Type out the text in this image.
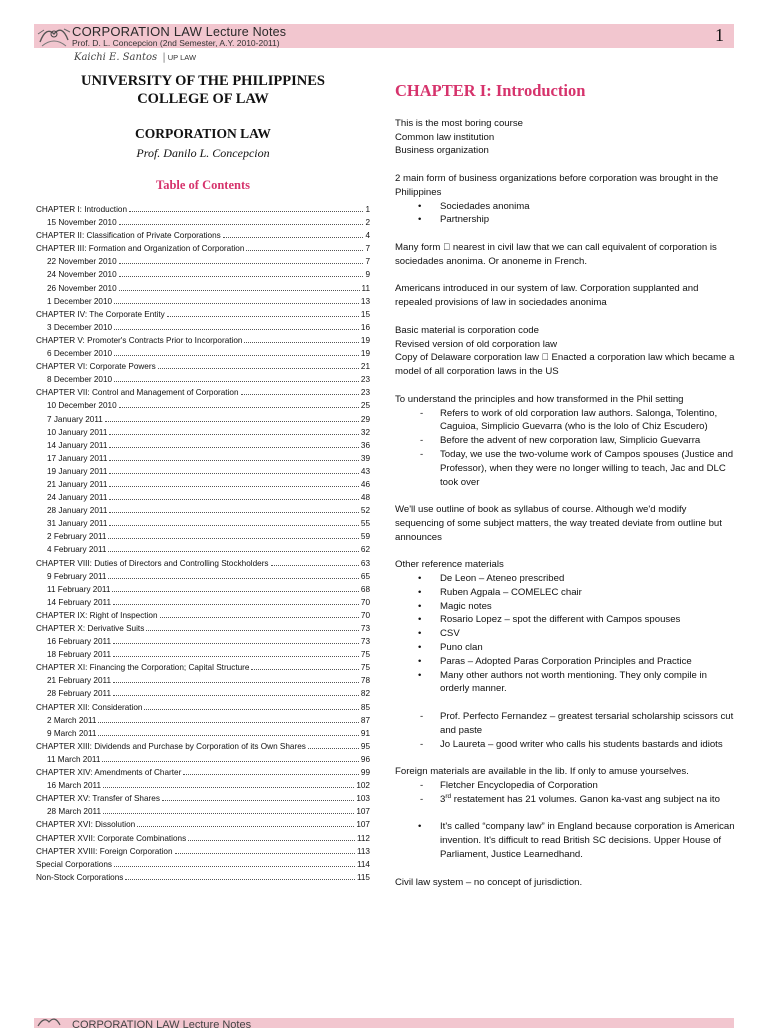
CORPORATION LAW Lecture Notes
Prof. D. L. Concepcion (2nd Semester, A.Y. 2010-2011)
Kaichi E. Santos | UP LAW
1
UNIVERSITY OF THE PHILIPPINES
COLLEGE OF LAW
CORPORATION LAW
Prof. Danilo L. Concepcion
Table of Contents
CHAPTER I: Introduction	1
15 November 2010	2
CHAPTER II: Classification of Private Corporations	4
CHAPTER III: Formation and Organization of Corporation	7
22 November 2010	7
24 November 2010	9
26 November 2010	11
1 December 2010	13
CHAPTER IV: The Corporate Entity	15
3 December 2010	16
CHAPTER V: Promoter's Contracts Prior to Incorporation	19
6 December 2010	19
CHAPTER VI: Corporate Powers	21
8 December 2010	23
CHAPTER VII: Control and Management of Corporation	23
10 December 2010	25
7 January 2011	29
10 January 2011	32
14 January 2011	36
17 January 2011	39
19 January 2011	43
21 January 2011	46
24 January 2011	48
28 January 2011	52
31 January 2011	55
2 February 2011	59
4 February 2011	62
CHAPTER VIII: Duties of Directors and Controlling Stockholders	63
9 February 2011	65
11 February 2011	68
14 February 2011	70
CHAPTER IX: Right of Inspection	70
CHAPTER X: Derivative Suits	73
16 February 2011	73
18 February 2011	75
CHAPTER XI: Financing the Corporation; Capital Structure	75
21 February 2011	78
28 February 2011	82
CHAPTER XII: Consideration	85
2 March 2011	87
9 March 2011	91
CHAPTER XIII: Dividends and Purchase by Corporation of its Own Shares	95
11 March 2011	96
CHAPTER XIV: Amendments of Charter	99
16 March 2011	102
CHAPTER XV: Transfer of Shares	103
28 March 2011	107
CHAPTER XVI: Dissolution	107
CHAPTER XVII: Corporate Combinations	112
CHAPTER XVIII: Foreign Corporation	113
Special Corporations	114
Non-Stock Corporations	115
CHAPTER I: Introduction

This is the most boring course
Common law institution
Business organization

2 main form of business organizations before corporation was brought in the Philippines
• Sociedades anonima
• Partnership

Many form nearest in civil law that we can call equivalent of corporation is sociedades anonima. Or anoneme in French.

Americans introduced in our system of law. Corporation supplanted and repealed provisions of law in sociedades anonima

Basic material is corporation code
Revised version of old corporation law
Copy of Delaware corporation law Enacted a corporation law which became a model of all corporation laws in the US

To understand the principles and how transformed in the Phil setting
- Refers to work of old corporation law authors. Salonga, Tolentino, Caguioa, Simplicio Guevarra (who is the lolo of Chiz Escudero)
- Before the advent of new corporation law, Simplicio Guevarra
- Today, we use the two-volume work of Campos spouses (Justice and Professor), when they were no longer willing to teach, Jac and DLC took over

We'll use outline of book as syllabus of course. Although we'd modify sequencing of some subject matters, the way treated deviate from outline but announces

Other reference materials
• De Leon – Ateneo prescribed
• Ruben Agpala – COMELEC chair
• Magic notes
• Rosario Lopez – spot the different with Campos spouses
• CSV
• Puno clan
• Paras – Adopted Paras Corporation Principles and Practice
• Many other authors not worth mentioning. They only compile in orderly manner.
- Prof. Perfecto Fernandez – greatest tersarial scholarship scissors cut and paste
- Jo Laureta – good writer who calls his students bastards and idiots
Foreign materials are available in the lib. If only to amuse yourselves.
- Fletcher Encyclopedia of Corporation
- 3rd restatement has 21 volumes. Ganon ka-vast ang subject na ito
• It's called “company law” in England because corporation is American invention. It's difficult to read British SC decisions. Upper House of Parliament, Justice Learnedhand.

Civil law system – no concept of jurisdiction.

CORPORATION LAW Lecture Notes
